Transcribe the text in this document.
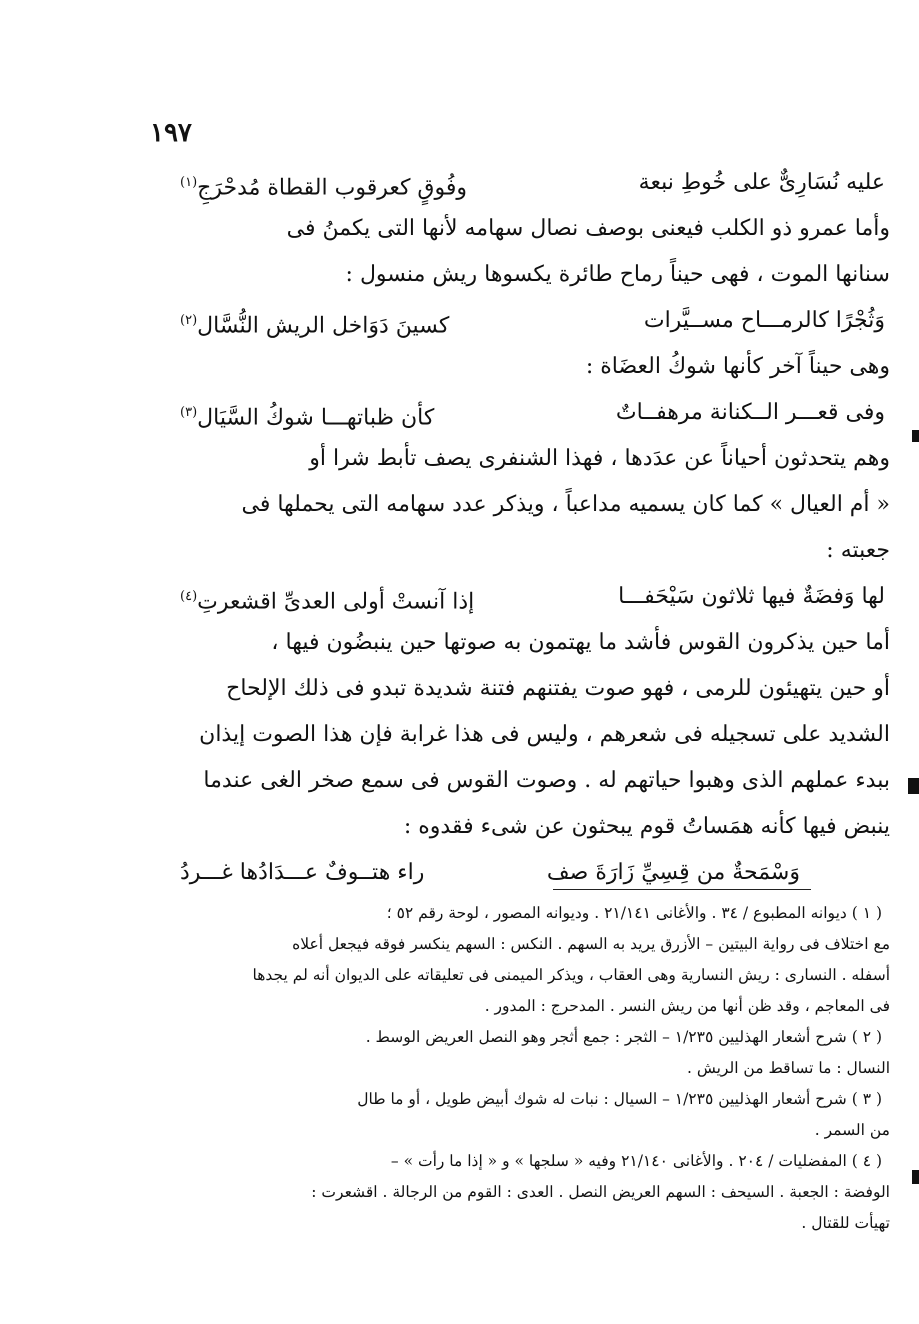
١٩٧
عليه نُسَارِىٌّ على خُوطِ نبعة
وفُوقٍ كعرقوب القطاة مُدحْرَجِ$^{(١)}$
وأما عمرو ذو الكلب فيعنى بوصف نصال سهامه لأنها التى يكمنُ فى
سنانها الموت ، فهى حيناً رماح طائرة يكسوها ريش منسول :
وَثُجْرًا كالرمـــاح مســيَّرات
كسينَ دَوَاخل الريش النُّسَّال$^{(٢)}$
وهى حيناً آخر كأنها شوكُ العضَاة :
وفى قعـــر الــكنانة مرهفــاتٌ
كأن ظباتهـــا شوكُ السَّيَال$^{(٣)}$
وهم يتحدثون أحياناً عن عدَدها ، فهذا الشنفرى يصف تأبط شرا أو
« أم العيال » كما كان يسميه مداعباً ، ويذكر عدد سهامه التى يحملها فى
جعبته :
لها وَفضَةٌ فيها ثلاثون سَيْحَفـــا
إذا آنستْ أولى العدىِّ اقشعرتِ$^{(٤)}$
أما حين يذكرون القوس فأشد ما يهتمون به صوتها حين ينبضُون فيها ،
أو حين يتهيئون للرمى ، فهو صوت يفتنهم فتنة شديدة تبدو فى ذلك الإلحاح
الشديد على تسجيله فى شعرهم ، وليس فى هذا غرابة فإن هذا الصوت إيذان
ببدء عملهم الذى وهبوا حياتهم له . وصوت القوس فى سمع صخر الغى عندما
ينبض فيها كأنه همَساتُ قوم يبحثون عن شىء فقدوه :
وَسْمَحةٌ من قِسِيِّ زَارَةَ صف
راء هتــوفٌ عـــدَادُها غـــردُ
( ١ ) ديوانه المطبوع / ٣٤ . والأغانى ٢١/١٤١ . وديوانه المصور ، لوحة رقم ٥٢ ؛
مع اختلاف فى رواية البيتين – الأزرق يريد به السهم . النكس : السهم ينكسر فوقه فيجعل أعلاه
أسفله . النسارى : ريش النسارية وهى العقاب ، ويذكر الميمنى فى تعليقاته على الديوان أنه لم يجدها
فى المعاجم ، وقد ظن أنها من ريش النسر . المدحرج : المدور .
( ٢ ) شرح أشعار الهذليين ١/٢٣٥ – الثجر : جمع أثجر وهو النصل العريض الوسط .
النسال : ما تساقط من الريش .
( ٣ ) شرح أشعار الهذليين ١/٢٣٥ – السيال : نبات له شوك أبيض طويل ، أو ما طال
من السمر .
( ٤ ) المفضليات / ٢٠٤ . والأغانى ٢١/١٤٠ وفيه « سلجها » و « إذا ما رأت » –
الوفضة : الجعبة . السيحف : السهم العريض النصل . العدى : القوم من الرجالة . اقشعرت :
تهيأت للقتال .
